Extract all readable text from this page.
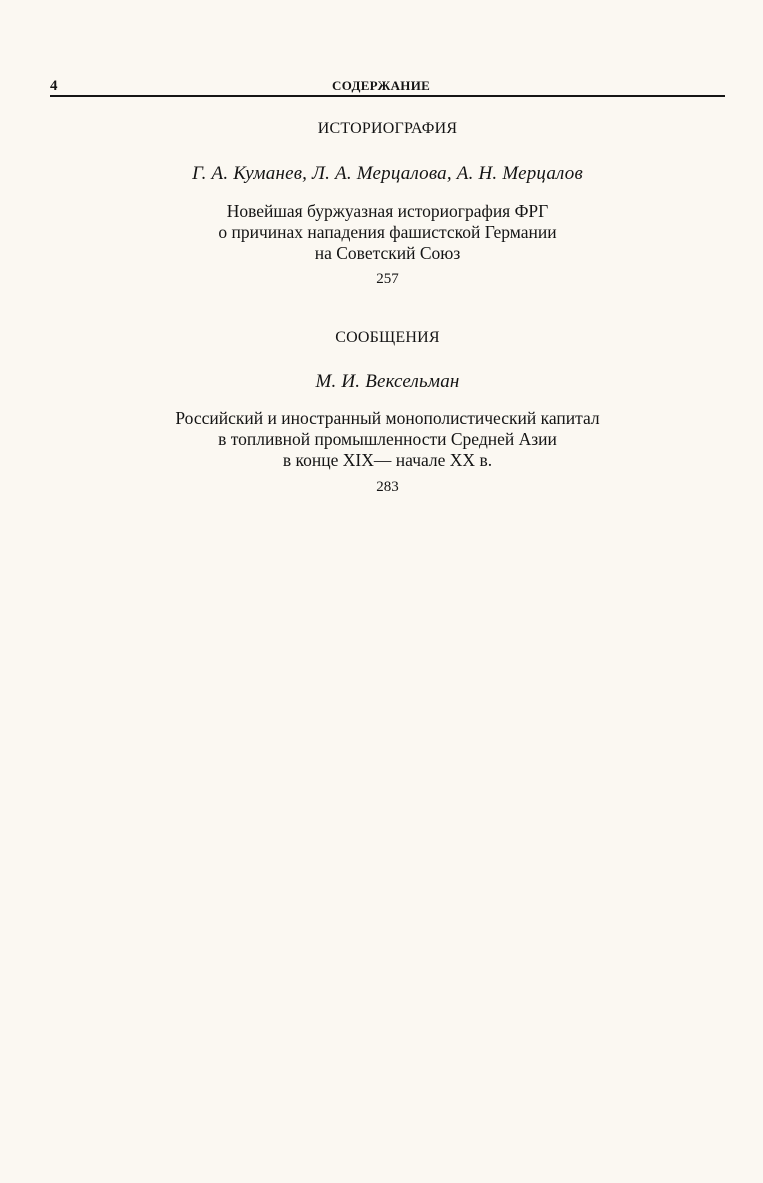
4	СОДЕРЖАНИЕ
ИСТОРИОГРАФИЯ
Г. А. Куманев, Л. А. Мерцалова, А. Н. Мерцалов
Новейшая буржуазная историография ФРГ
о причинах нападения фашистской Германии
на Советский Союз
257
СООБЩЕНИЯ
М. И. Вексельман
Российский и иностранный монополистический капитал
в топливной промышленности Средней Азии
в конце XIX— начале XX в.
283
